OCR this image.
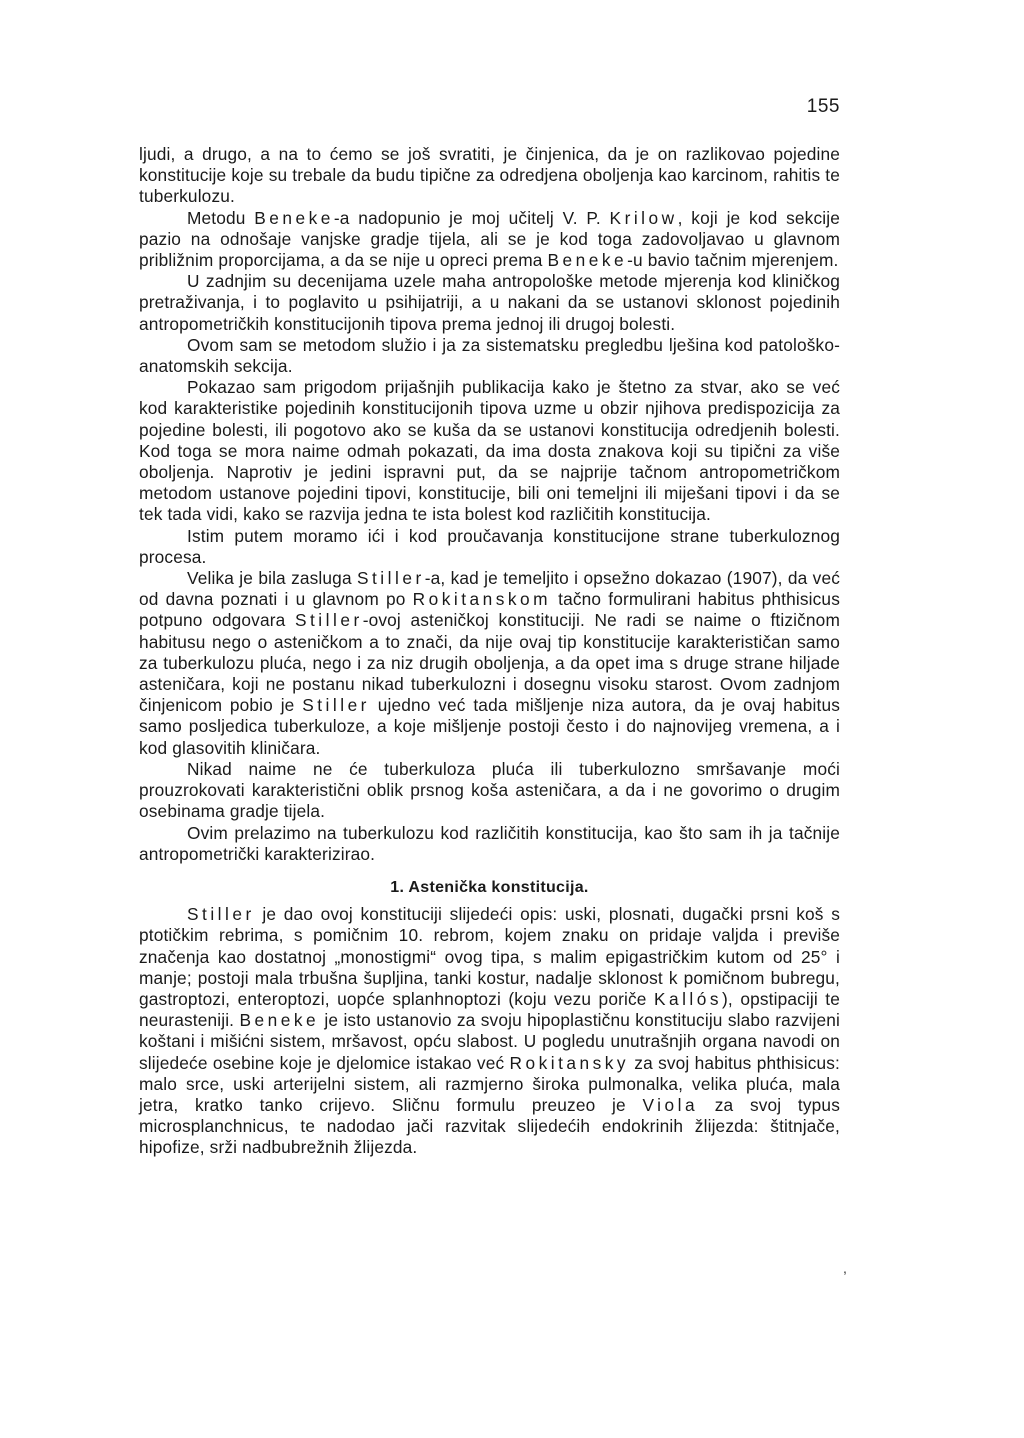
155

ljudi, a drugo, a na to ćemo se još svratiti, je činjenica, da je on razlikovao pojedine konstitucije koje su trebale da budu tipične za odredjena oboljenja kao karcinom, rahitis te tuberkulozu.

Metodu Beneke-a nadopunio je moj učitelj V. P. Krilow, koji je kod sekcije pazio na odnošaje vanjske gradje tijela, ali se je kod toga zadovoljavao u glavnom približnim proporcijama, a da se nije u opreci prema Beneke-u bavio tačnim mjerenjem.

U zadnjim su decenijama uzele maha antropološke metode mjerenja kod kliničkog pretraživanja, i to poglavito u psihijatriji, a u nakani da se ustanovi sklonost pojedinih antropometričkih konstitucijonih tipova prema jednoj ili drugoj bolesti.

Ovom sam se metodom služio i ja za sistematsku pregledbu lješina kod patološko-anatomskih sekcija.

Pokazao sam prigodom prijašnjih publikacija kako je štetno za stvar, ako se već kod karakteristike pojedinih konstitucijonih tipova uzme u obzir njihova predispozicija za pojedine bolesti, ili pogotovo ako se kuša da se ustanovi konstitucija odredjenih bolesti. Kod toga se mora naime odmah pokazati, da ima dosta znakova koji su tipični za više oboljenja. Naprotiv je jedini ispravni put, da se najprije tačnom antropometričkom metodom ustanove pojedini tipovi, konstitucije, bili oni temeljni ili miješani tipovi i da se tek tada vidi, kako se razvija jedna te ista bolest kod različitih konstitucija.

Istim putem moramo ići i kod proučavanja konstitucijone strane tuberkuloznog procesa.

Velika je bila zasluga Stiller-a, kad je temeljito i opsežno dokazao (1907), da već od davna poznati i u glavnom po Rokitanskom tačno formulirani habitus phthisicus potpuno odgovara Stiller-ovoj asteničkoj konstituciji. Ne radi se naime o ftizičnom habitusu nego o asteničkom a to znači, da nije ovaj tip konstitucije karakterističan samo za tuberkulozu pluća, nego i za niz drugih oboljenja, a da opet ima s druge strane hiljade asteničara, koji ne postanu nikad tuberkulozni i dosegnu visoku starost. Ovom zadnjom činjenicom pobio je Stiller ujedno već tada mišljenje niza autora, da je ovaj habitus samo posljedica tuberkuloze, a koje mišljenje postoji često i do najnovijeg vremena, a i kod glasovitih kliničara.

Nikad naime ne će tuberkuloza pluća ili tuberkulozno smršavanje moći prouzrokovati karakteristični oblik prsnog koša asteničara, a da i ne govorimo o drugim osebinama gradje tijela.

Ovim prelazimo na tuberkulozu kod različitih konstitucija, kao što sam ih ja tačnije antropometrički karakterizirao.

1. Astenička konstitucija.

Stiller je dao ovoj konstituciji slijedeći opis: uski, plosnati, dugački prsni koš s ptotičkim rebrima, s pomičnim 10. rebrom, kojem znaku on pridaje valjda i previše značenja kao dostatnoj „monostigmi“ ovog tipa, s malim epigastričkim kutom od 25° i manje; postoji mala trbušna šupljina, tanki kostur, nadalje sklonost k pomičnom bubregu, gastroptozi, enteroptozi, uopće splanhnoptozi (koju vezu poriče Kallós), opstipaciji te neurasteniji. Beneke je isto ustanovio za svoju hipoplastičnu konstituciju slabo razvijeni koštani i mišićni sistem, mršavost, opću slabost. U pogledu unutrašnjih organa navodi on slijedeće osebine koje je djelomice istakao već Rokitansky za svoj habitus phthisicus: malo srce, uski arterijelni sistem, ali razmjerno široka pulmonalka, velika pluća, mala jetra, kratko tanko crijevo. Sličnu formulu preuzeo je Viola za svoj typus microsplanchnicus, te nadodao jači razvitak slijedećih endokrinih žlijezda: štitnjače, hipofize, srži nadbubrežnih žlijezda.

,
